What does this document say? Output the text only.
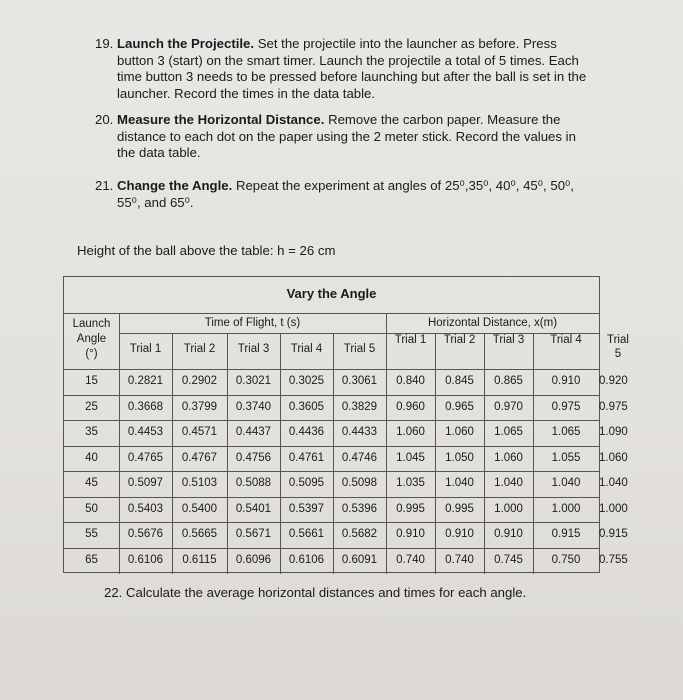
19. Launch the Projectile. Set the projectile into the launcher as before. Press button 3 (start) on the smart timer. Launch the projectile a total of 5 times. Each time button 3 needs to be pressed before launching but after the ball is set in the launcher. Record the times in the data table.
20. Measure the Horizontal Distance. Remove the carbon paper. Measure the distance to each dot on the paper using the 2 meter stick. Record the values in the data table.
21. Change the Angle. Repeat the experiment at angles of 25⁰,35⁰, 40⁰, 45⁰, 50⁰, 55⁰, and 65⁰.
Height of the ball above the table: h = 26 cm
Vary the Angle
Launch Angle (°)
Time of Flight, t (s)	Horizontal Distance, x(m)
Trial 1	Trial 2	Trial 3	Trial 4	Trial 5
Trial 1	Trial 2	Trial 3	Trial 4	Trial 5
15	0.2821	0.2902	0.3021	0.3025	0.3061	0.840	0.845	0.865	0.910	0.920
25	0.3668	0.3799	0.3740	0.3605	0.3829	0.960	0.965	0.970	0.975	0.975
35	0.4453	0.4571	0.4437	0.4436	0.4433	1.060	1.060	1.065	1.065	1.090
40	0.4765	0.4767	0.4756	0.4761	0.4746	1.045	1.050	1.060	1.055	1.060
45	0.5097	0.5103	0.5088	0.5095	0.5098	1.035	1.040	1.040	1.040	1.040
50	0.5403	0.5400	0.5401	0.5397	0.5396	0.995	0.995	1.000	1.000	1.000
55	0.5676	0.5665	0.5671	0.5661	0.5682	0.910	0.910	0.910	0.915	0.915
65	0.6106	0.6115	0.6096	0.6106	0.6091	0.740	0.740	0.745	0.750	0.755
22. Calculate the average horizontal distances and times for each angle.
